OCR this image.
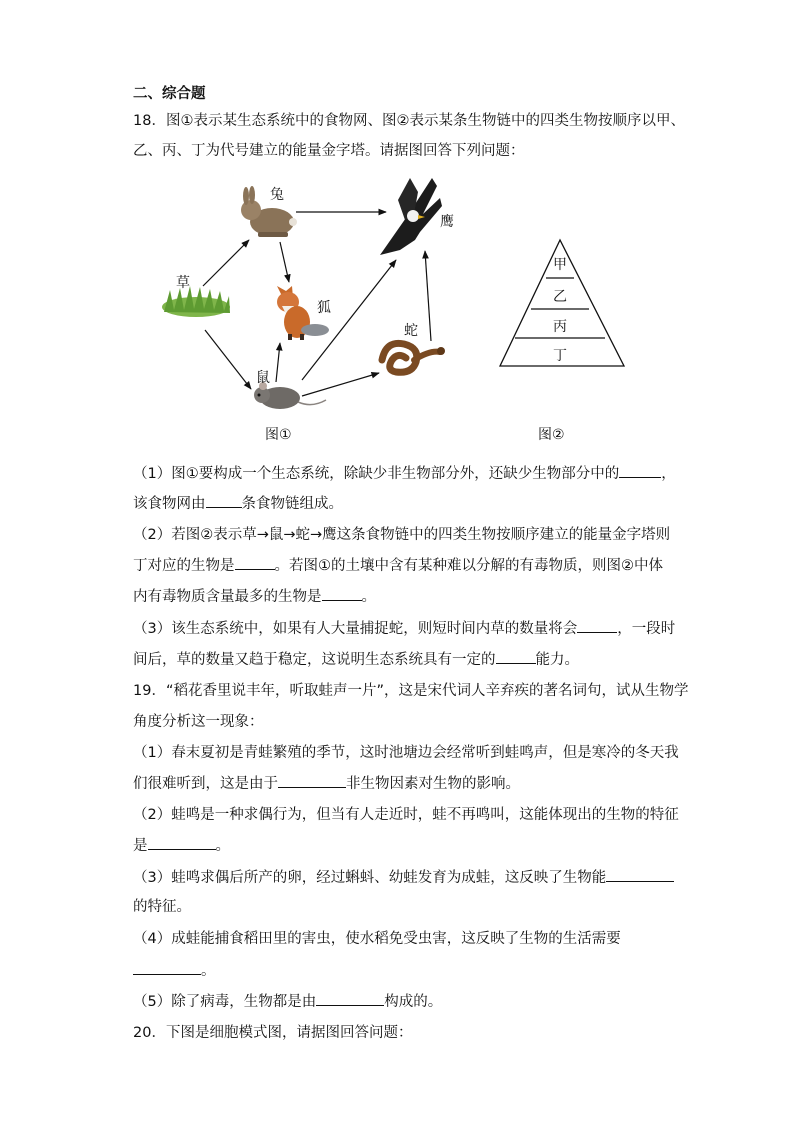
二、综合题
18．图①表示某生态系统中的食物网、图②表示某条生物链中的四类生物按顺序以甲、
乙、丙、丁为代号建立的能量金字塔。请据图回答下列问题：
兔
鹰
草
狐
蛇
鼠
图①
甲
乙
丙
丁
图②
（1）图①要构成一个生态系统，除缺少非生物部分外，还缺少生物部分中的	，
该食物网由 条食物链组成。
（2）若图②表示草→鼠→蛇→鹰这条食物链中的四类生物按顺序建立的能量金字塔则
丁对应的生物是	。若图①的土壤中含有某种难以分解的有毒物质，则图②中体
内有毒物质含量最多的生物是	。
（3）该生态系统中，如果有人大量捕捉蛇，则短时间内草的数量将会	，一段时
间后，草的数量又趋于稳定，这说明生态系统具有一定的	能力。
19．“稻花香里说丰年，听取蛙声一片”，这是宋代词人辛弃疾的著名词句，试从生物学
角度分析这一现象：
（1）春末夏初是青蛙繁殖的季节，这时池塘边会经常听到蛙鸣声，但是寒冷的冬天我
们很难听到，这是由于	非生物因素对生物的影响。
（2）蛙鸣是一种求偶行为，但当有人走近时，蛙不再鸣叫，这能体现出的生物的特征
是	。
（3）蛙鸣求偶后所产的卵，经过蝌蚪、幼蛙发育为成蛙，这反映了生物能
的特征。
（4）成蛙能捕食稻田里的害虫，使水稻免受虫害，这反映了生物的生活需要
。
（5）除了病毒，生物都是由	构成的。
20．下图是细胞模式图，请据图回答问题：
